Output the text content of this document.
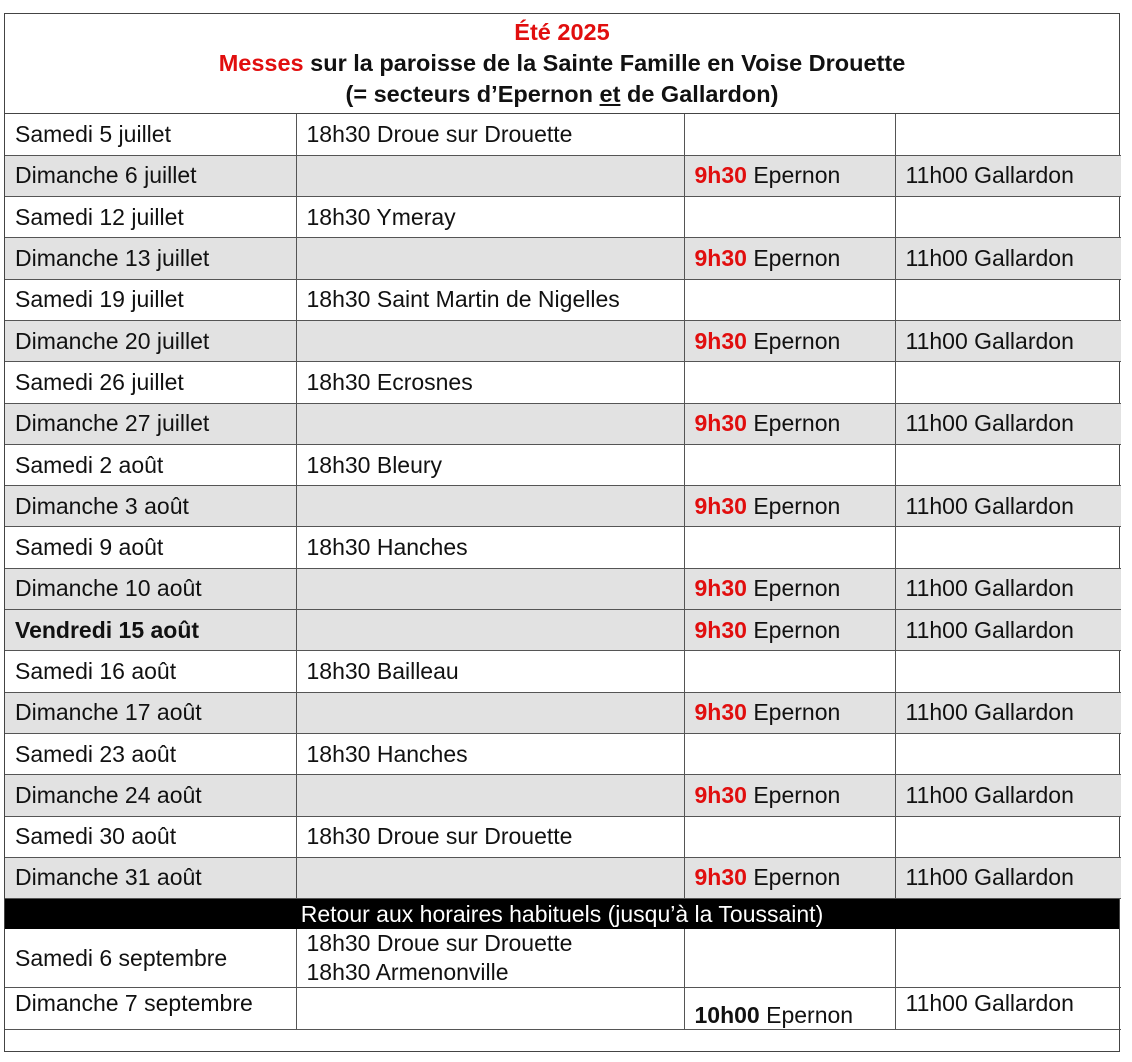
Été 2025
Messes sur la paroisse de la Sainte Famille en Voise Drouette
(= secteurs d’Epernon et de Gallardon)
Samedi 5 juillet	18h30 Droue sur Drouette		
Dimanche 6 juillet		9h30 Epernon	11h00 Gallardon
Samedi 12 juillet	18h30 Ymeray		
Dimanche 13 juillet		9h30 Epernon	11h00 Gallardon
Samedi 19 juillet	18h30 Saint Martin de Nigelles		
Dimanche 20 juillet		9h30 Epernon	11h00 Gallardon
Samedi 26 juillet	18h30 Ecrosnes		
Dimanche 27 juillet		9h30 Epernon	11h00 Gallardon
Samedi 2 août	18h30 Bleury		
Dimanche 3 août		9h30 Epernon	11h00 Gallardon
Samedi 9 août	18h30 Hanches		
Dimanche 10 août		9h30 Epernon	11h00 Gallardon
Vendredi 15 août		9h30 Epernon	11h00 Gallardon
Samedi 16 août	18h30 Bailleau		
Dimanche 17 août		9h30 Epernon	11h00 Gallardon
Samedi 23 août	18h30 Hanches		
Dimanche 24 août		9h30 Epernon	11h00 Gallardon
Samedi 30 août	18h30 Droue sur Drouette		
Dimanche 31 août		9h30 Epernon	11h00 Gallardon
Retour aux horaires habituels (jusqu’à la Toussaint)
Samedi 6 septembre	18h30 Droue sur Drouette
18h30 Armenonville		

Dimanche 7 septembre		10h00 Epernon	11h00 Gallardon
